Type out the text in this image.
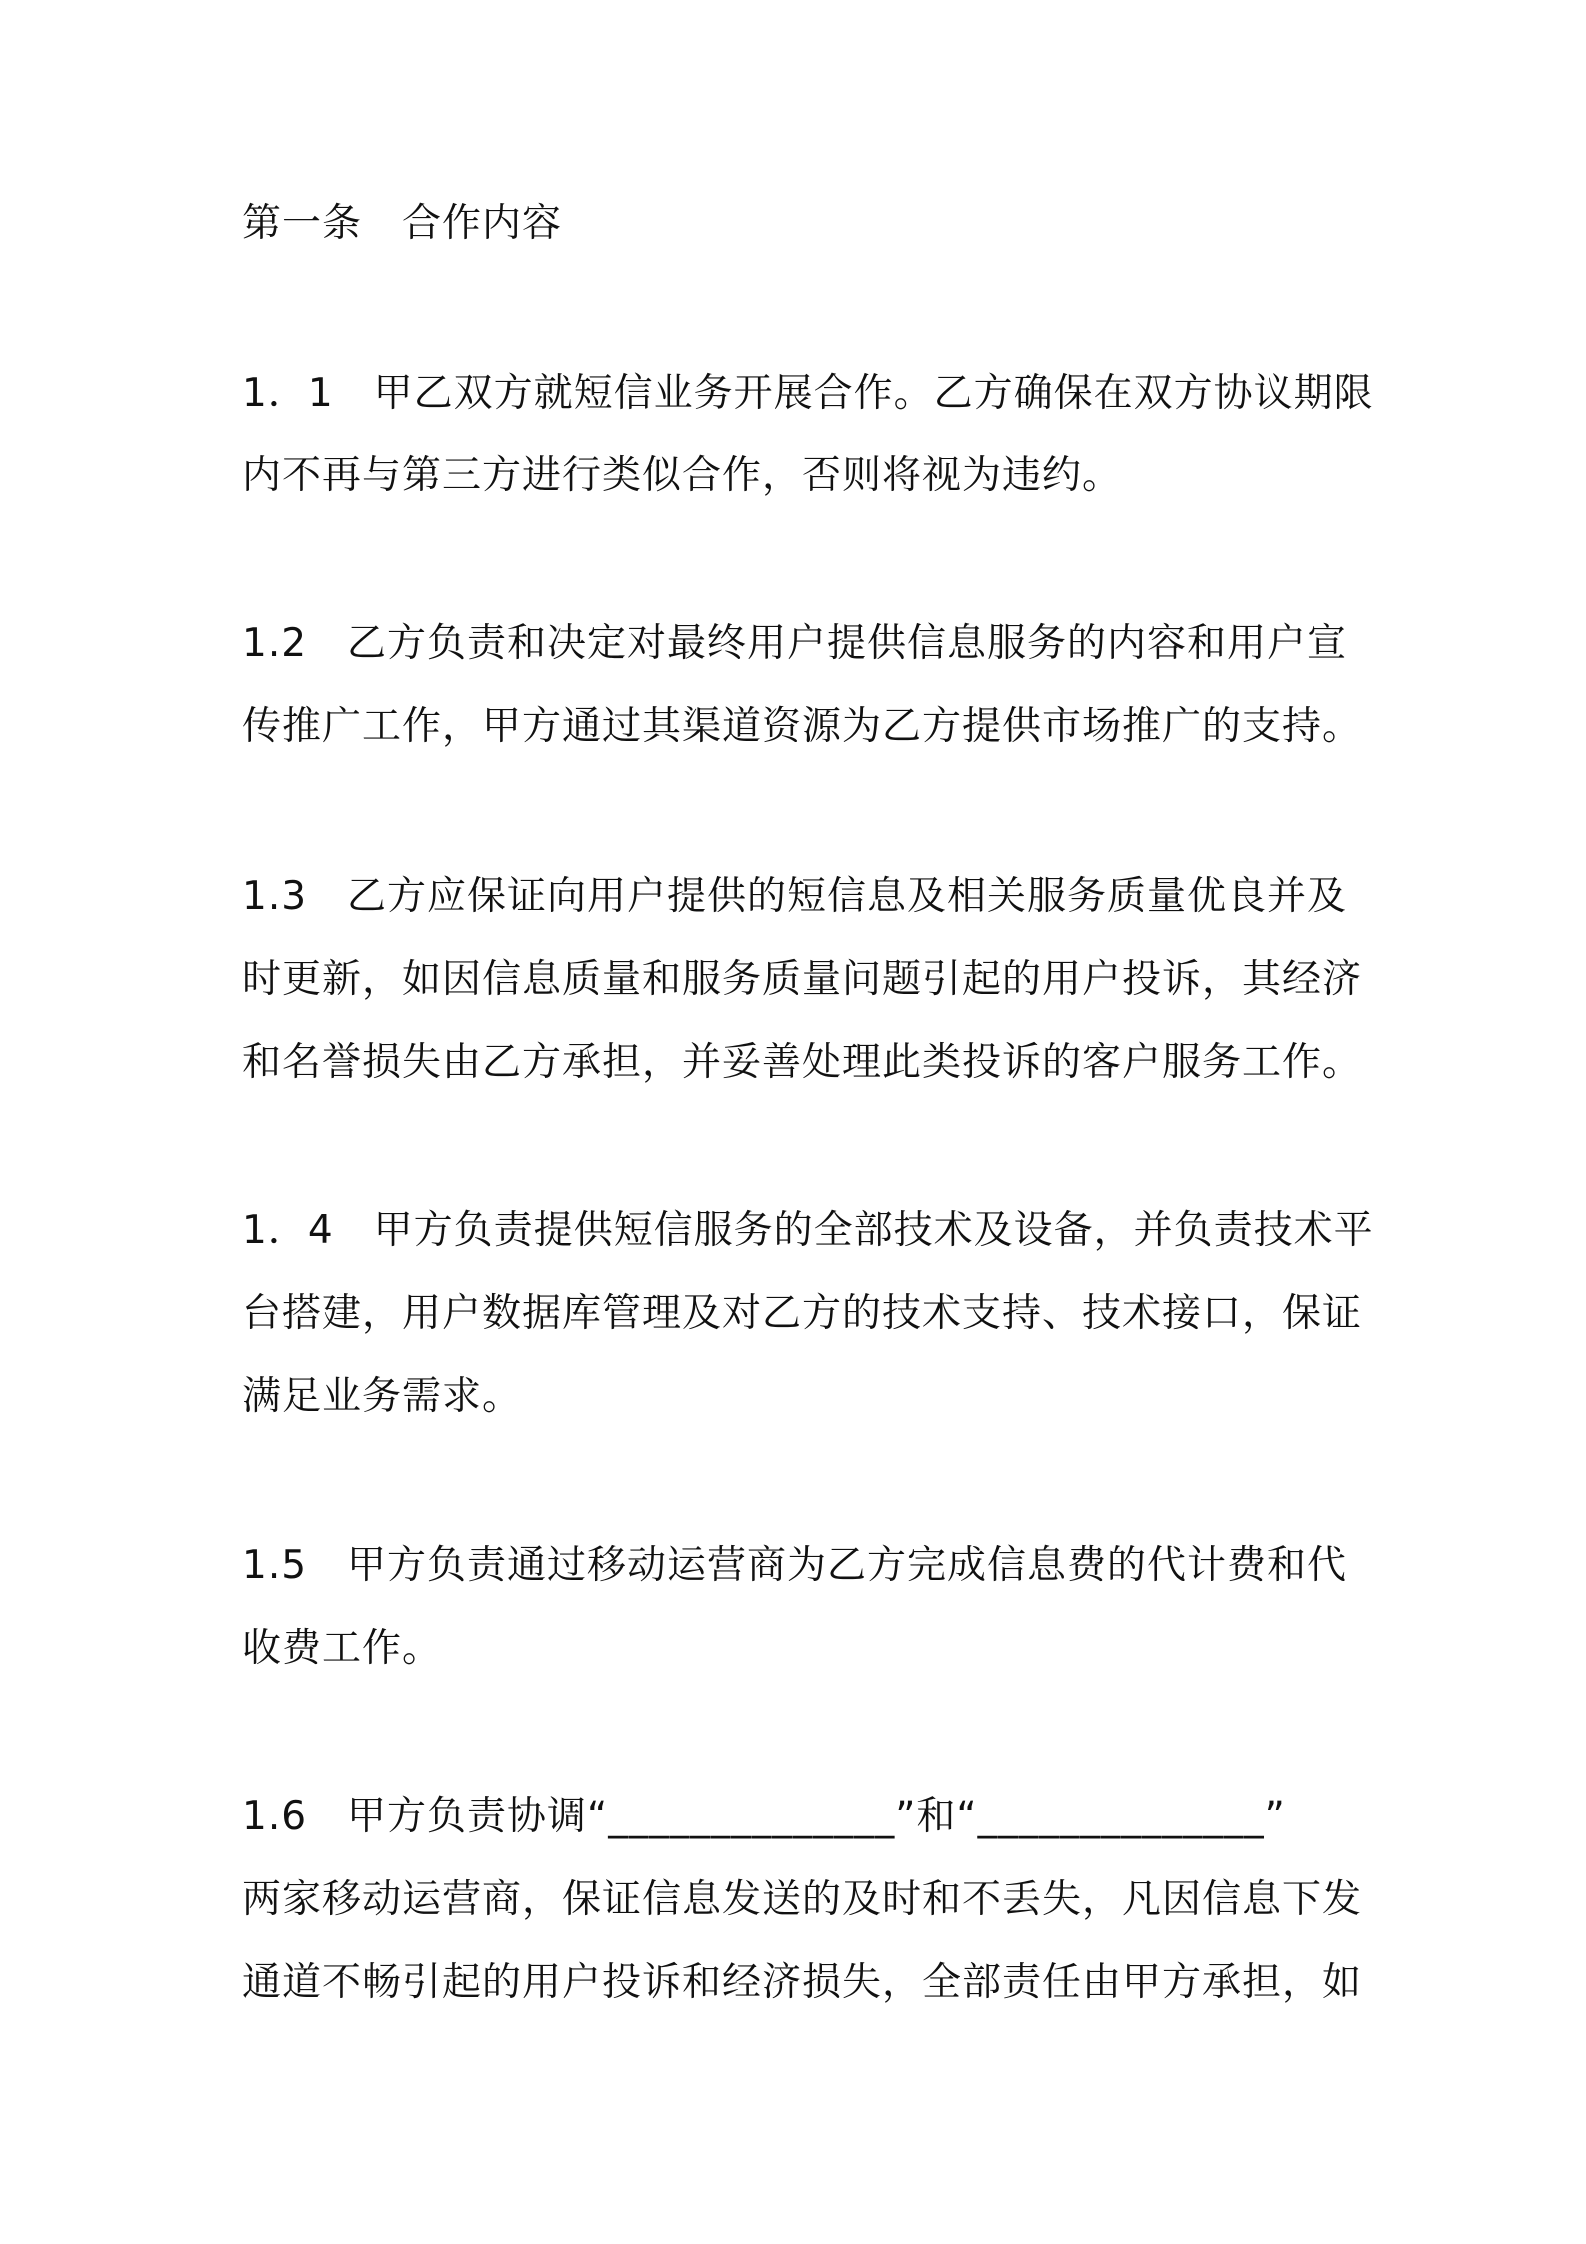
第一条　合作内容
1．1　甲乙双方就短信业务开展合作。乙方确保在双方协议期限
内不再与第三方进行类似合作，否则将视为违约。
1.2　乙方负责和决定对最终用户提供信息服务的内容和用户宣
传推广工作，甲方通过其渠道资源为乙方提供市场推广的支持。
1.3　乙方应保证向用户提供的短信息及相关服务质量优良并及
时更新，如因信息质量和服务质量问题引起的用户投诉，其经济
和名誉损失由乙方承担，并妥善处理此类投诉的客户服务工作。
1．4　甲方负责提供短信服务的全部技术及设备，并负责技术平
台搭建，用户数据库管理及对乙方的技术支持、技术接口，保证
满足业务需求。
1.5　甲方负责通过移动运营商为乙方完成信息费的代计费和代
收费工作。
1.6　甲方负责协调“______________”和“______________”
两家移动运营商，保证信息发送的及时和不丢失，凡因信息下发
通道不畅引起的用户投诉和经济损失，全部责任由甲方承担，如
